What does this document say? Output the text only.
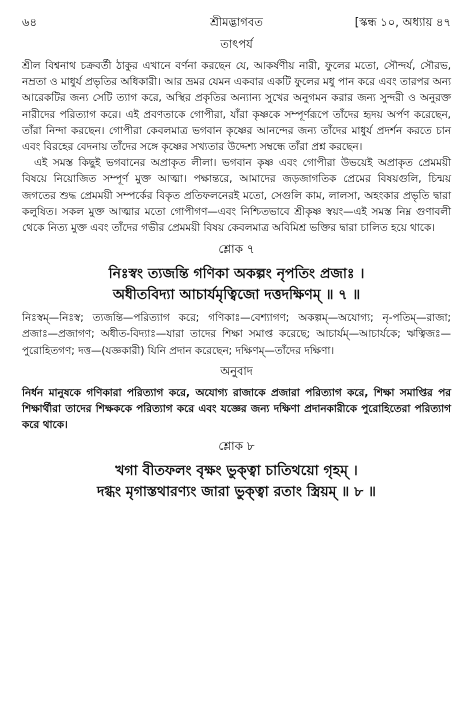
৬৪	শ্রীমদ্ভাগবত	[স্কন্ধ ১০, অধ্যায় ৪৭
তাৎপর্য

শ্রীল বিশ্বনাথ চক্রবর্তী ঠাকুর এখানে বর্ণনা করছেন যে, আকর্ষণীয় নারী, ফুলের মতো, সৌন্দর্য, সৌরভ, নম্রতা ও মাধুর্য প্রভৃতির অধিকারী। আর ভ্রমর যেমন একবার একটি ফুলের মধু পান করে এবং তারপর অন্য আরেকটির জন্য সেটি ত্যাগ করে, অস্থির প্রকৃতির অন্যান্য সুখের অনুগমন করার জন্য সুন্দরী ও অনুরক্ত নারীদের পরিত্যাগ করে। এই প্রবণতাকে গোপীরা, যাঁরা কৃষ্ণকে সম্পূর্ণরূপে তাঁদের হৃদয় অর্পণ করেছেন, তাঁরা নিন্দা করছেন। গোপীরা কেবলমাত্র ভগবান কৃষ্ণের আনন্দের জন্য তাঁদের মাধুর্য প্রদর্শন করতে চান এবং বিরহের বেদনায় তাঁদের সঙ্গে কৃষ্ণের সখ্যতার উদ্দেশ্য সম্বন্ধে তাঁরা প্রশ্ন করছেন।

এই সমস্ত কিছুই ভগবানের অপ্রাকৃত লীলা। ভগবান কৃষ্ণ এবং গোপীরা উভয়েই অপ্রাকৃত প্রেমময়ী বিষয়ে নিয়োজিত সম্পূর্ণ মুক্ত আত্মা। পক্ষান্তরে, আমাদের জড়জাগতিক প্রেমের বিষয়গুলি, চিন্ময় জগতের শুদ্ধ প্রেমময়ী সম্পর্কের বিকৃত প্রতিফলনেরই মতো, সেগুলি কাম, লালসা, অহংকার প্রভৃতি দ্বারা কলুষিত। সকল মুক্ত আত্মার মতো গোপীগণ—এবং নিশ্চিতভাবে শ্রীকৃষ্ণ স্বয়ং—এই সমস্ত নিম্ন গুণাবলী থেকে নিত্য মুক্ত এবং তাঁদের গভীর প্রেমময়ী বিষয় কেবলমাত্র অবিমিশ্র ভক্তির দ্বারা চালিত হয়ে থাকে।

শ্লোক ৭

নিঃস্বং ত্যজন্তি গণিকা অকল্পং নৃপতিং প্রজাঃ ।

অধীতবিদ্যা আচার্যমৃত্বিজো দত্তদক্ষিণম্ ॥ ৭ ॥

নিঃস্বম্—নিঃস্ব; ত্যজন্তি—পরিত্যাগ করে; গণিকাঃ—বেশ্যাগণ; অকল্পম্—অযোগ্য; নৃ-পতিম্—রাজা; প্রজাঃ—প্রজাগণ; অধীত-বিদ্যাঃ—যারা তাদের শিক্ষা সমাপ্ত করেছে; আচার্যম্—আচার্যকে; ঋত্বিজঃ—পুরোহিতগণ; দত্ত—(যজ্ঞকারী) যিনি প্রদান করেছেন; দক্ষিণম্—তাঁদের দক্ষিণা।

অনুবাদ

নির্ধন মানুষকে গণিকারা পরিত্যাগ করে, অযোগ্য রাজাকে প্রজারা পরিত্যাগ করে, শিক্ষা সমাপ্তির পর শিক্ষার্থীরা তাদের শিক্ষককে পরিত্যাগ করে এবং যজ্ঞের জন্য দক্ষিণা প্রদানকারীকে পুরোহিতেরা পরিত্যাগ করে থাকে।

শ্লোক ৮

খগা বীতফলং বৃক্ষং ভুক্ত্বা চাতিথয়ো গৃহম্ ।

দগ্ধং মৃগাস্তথারণ্যং জারা ভুক্ত্বা রতাং স্ত্রিয়ম্ ॥ ৮ ॥
